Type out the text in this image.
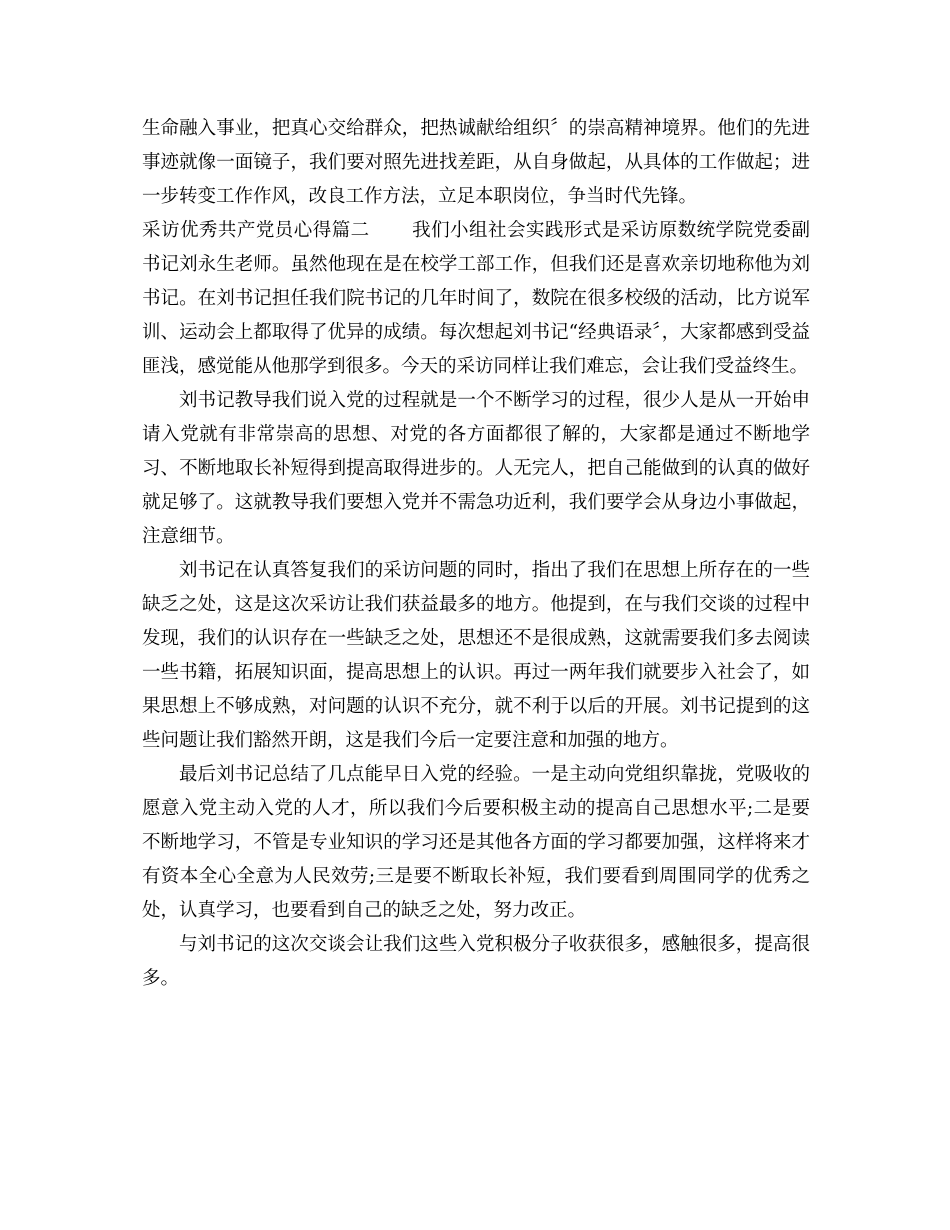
生命融入事业，把真心交给群众，把热诚献给组织〞的崇高精神境界。他们的先进事迹就像一面镜子，我们要对照先进找差距，从自身做起，从具体的工作做起；进一步转变工作作风，改良工作方法，立足本职岗位，争当时代先锋。

采访优秀共产党员心得篇二 我们小组社会实践形式是采访原数统学院党委副书记刘永生老师。虽然他现在是在校学工部工作，但我们还是喜欢亲切地称他为刘书记。在刘书记担任我们院书记的几年时间了，数院在很多校级的活动，比方说军训、运动会上都取得了优异的成绩。每次想起刘书记“经典语录〞，大家都感到受益匪浅，感觉能从他那学到很多。今天的采访同样让我们难忘，会让我们受益终生。

刘书记教导我们说入党的过程就是一个不断学习的过程，很少人是从一开始申请入党就有非常崇高的思想、对党的各方面都很了解的，大家都是通过不断地学习、不断地取长补短得到提高取得进步的。人无完人，把自己能做到的认真的做好就足够了。这就教导我们要想入党并不需急功近利，我们要学会从身边小事做起，注意细节。

刘书记在认真答复我们的采访问题的同时，指出了我们在思想上所存在的一些缺乏之处，这是这次采访让我们获益最多的地方。他提到，在与我们交谈的过程中发现，我们的认识存在一些缺乏之处，思想还不是很成熟，这就需要我们多去阅读一些书籍，拓展知识面，提高思想上的认识。再过一两年我们就要步入社会了，如果思想上不够成熟，对问题的认识不充分，就不利于以后的开展。刘书记提到的这些问题让我们豁然开朗，这是我们今后一定要注意和加强的地方。

最后刘书记总结了几点能早日入党的经验。一是主动向党组织靠拢，党吸收的愿意入党主动入党的人才，所以我们今后要积极主动的提高自己思想水平;二是要不断地学习，不管是专业知识的学习还是其他各方面的学习都要加强，这样将来才有资本全心全意为人民效劳;三是要不断取长补短，我们要看到周围同学的优秀之处，认真学习，也要看到自己的缺乏之处，努力改正。

与刘书记的这次交谈会让我们这些入党积极分子收获很多，感触很多，提高很多。
